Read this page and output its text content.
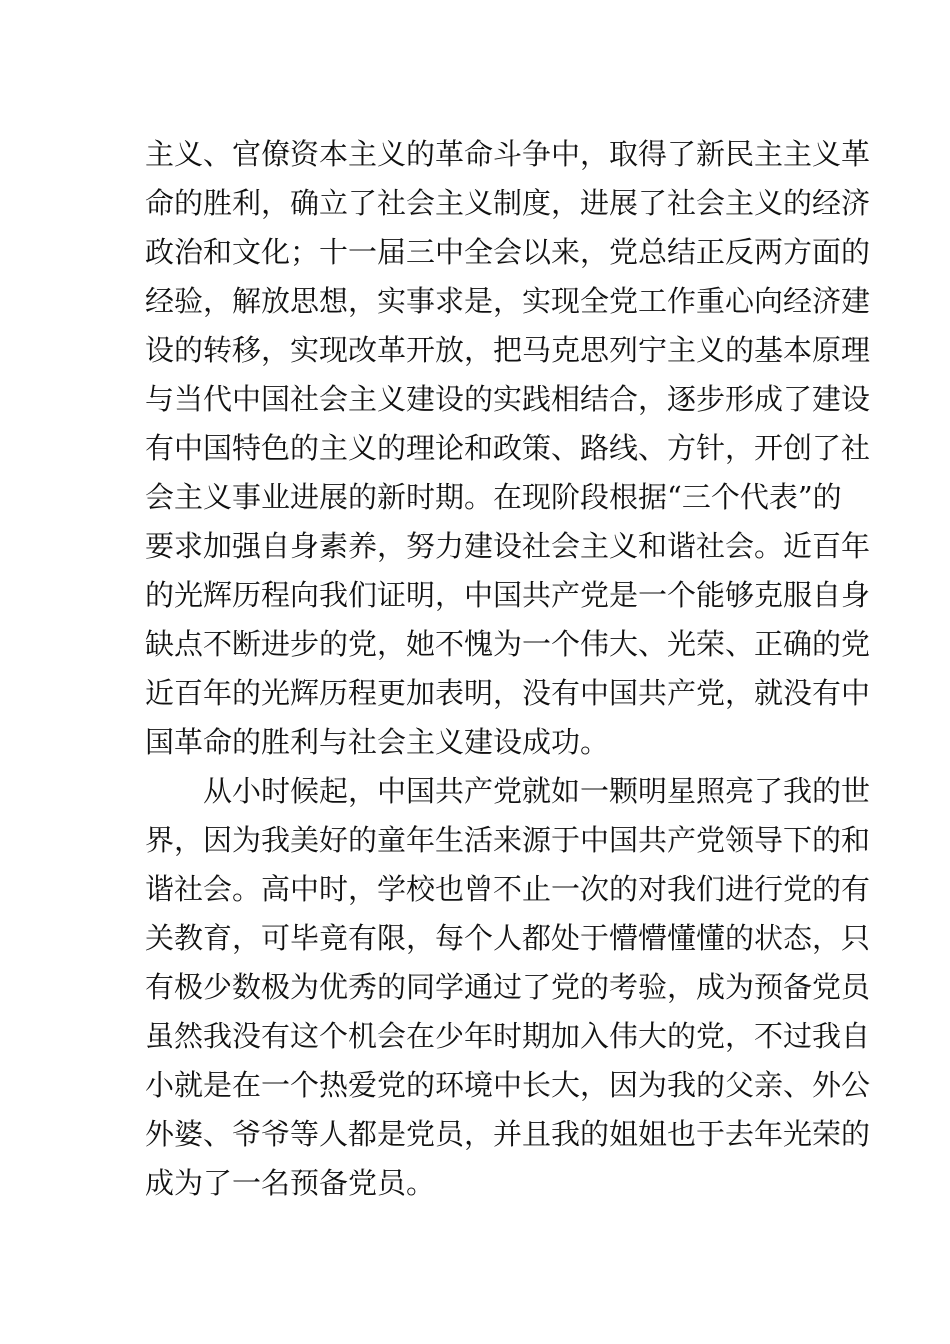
主义、官僚资本主义的革命斗争中，取得了新民主主义革
命的胜利，确立了社会主义制度，进展了社会主义的经济
政治和文化；十一届三中全会以来，党总结正反两方面的
经验，解放思想，实事求是，实现全党工作重心向经济建
设的转移，实现改革开放，把马克思列宁主义的基本原理
与当代中国社会主义建设的实践相结合，逐步形成了建设
有中国特色的主义的理论和政策、路线、方针，开创了社
会主义事业进展的新时期。在现阶段根据“三个代表”的
要求加强自身素养，努力建设社会主义和谐社会。近百年
的光辉历程向我们证明，中国共产党是一个能够克服自身
缺点不断进步的党，她不愧为一个伟大、光荣、正确的党
近百年的光辉历程更加表明，没有中国共产党，就没有中
国革命的胜利与社会主义建设成功。
从小时候起，中国共产党就如一颗明星照亮了我的世
界，因为我美好的童年生活来源于中国共产党领导下的和
谐社会。高中时，学校也曾不止一次的对我们进行党的有
关教育，可毕竟有限，每个人都处于懵懵懂懂的状态，只
有极少数极为优秀的同学通过了党的考验，成为预备党员
虽然我没有这个机会在少年时期加入伟大的党，不过我自
小就是在一个热爱党的环境中长大，因为我的父亲、外公
外婆、爷爷等人都是党员，并且我的姐姐也于去年光荣的
成为了一名预备党员。
